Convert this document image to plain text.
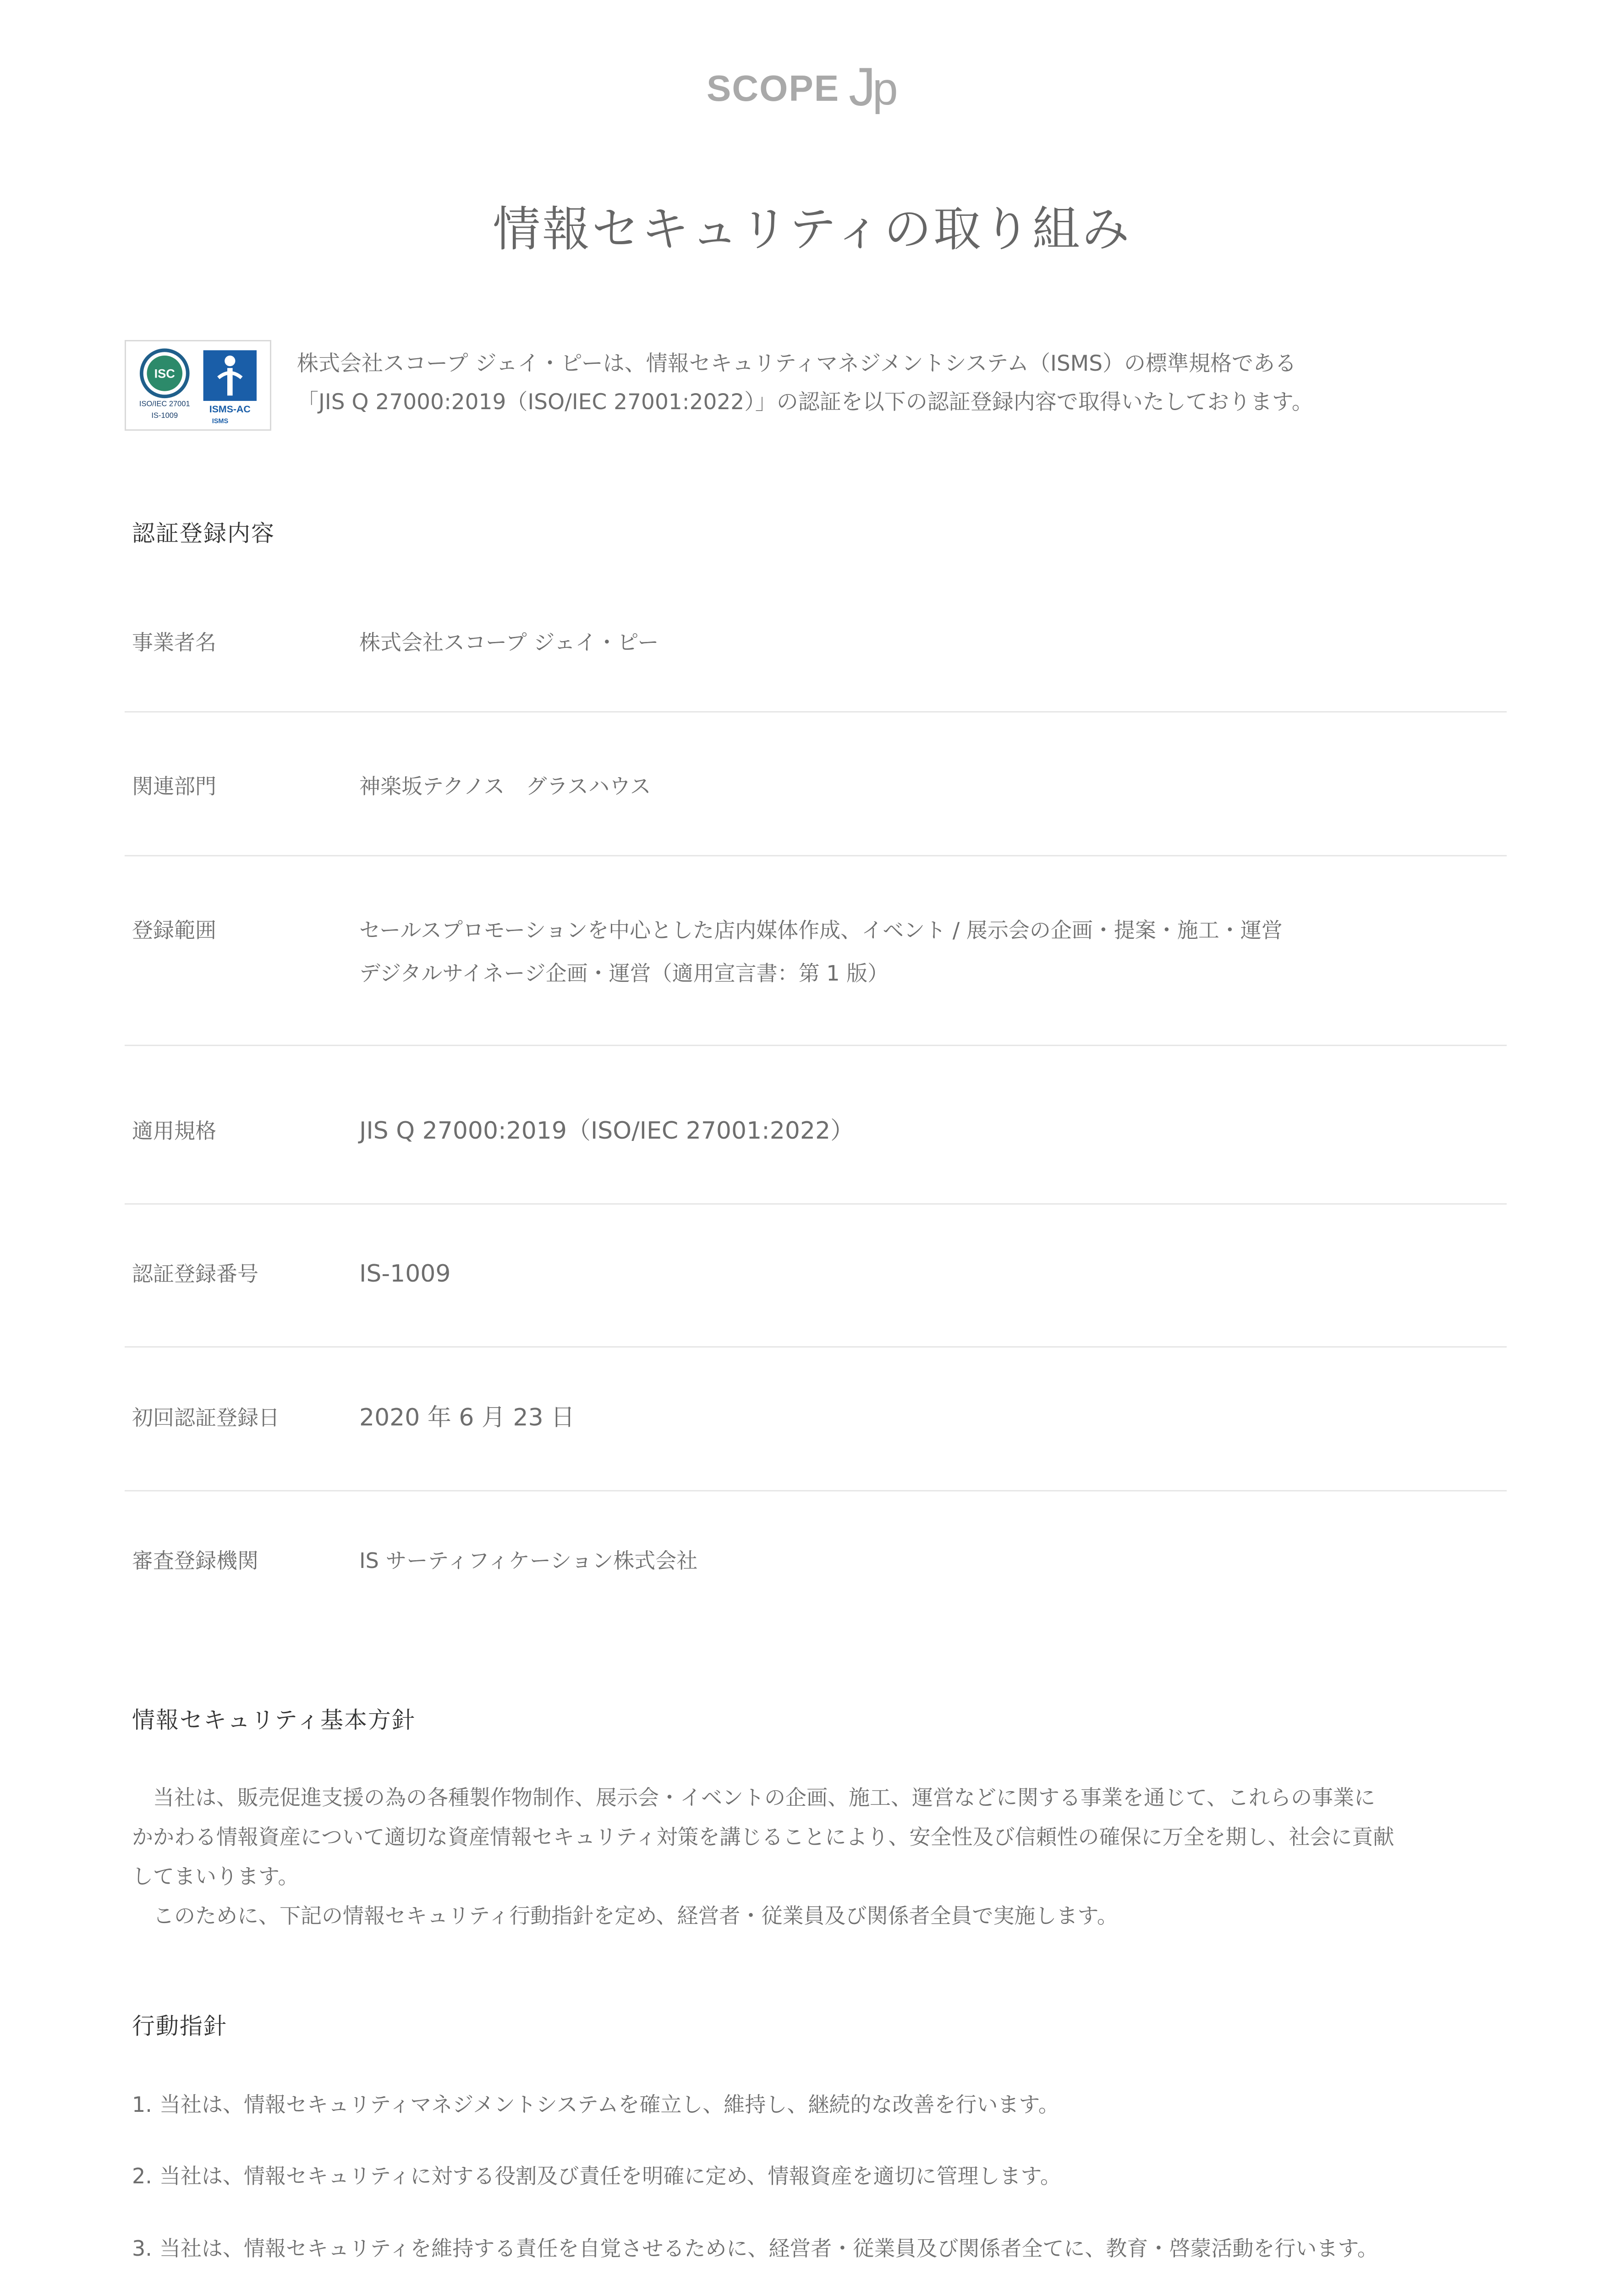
SCOPE J
p
情報セキュリティの取り組み
ISC
ISO/IEC 27001
IS-1009
ISMS-AC
ISMS
株式会社スコープ ジェイ・ピーは、情報セキュリティマネジメントシステム（ISMS）の標準規格である
「JIS Q 27000:2019（ISO/IEC 27001:2022）」の認証を以下の認証登録内容で取得いたしております。
認証登録内容
事業者名	株式会社スコープ ジェイ・ピー
関連部門	神楽坂テクノス　グラスハウス
登録範囲	セールスプロモーションを中心とした店内媒体作成、イベント / 展示会の企画・提案・施工・運営
デジタルサイネージ企画・運営（適用宣言書：第 1 版）
適用規格	JIS Q 27000:2019（ISO/IEC 27001:2022）
認証登録番号	IS-1009
初回認証登録日	2020 年 6 月 23 日
審査登録機関	IS サーティフィケーション株式会社
情報セキュリティ基本方針
　当社は、販売促進支援の為の各種製作物制作、展示会・イベントの企画、施工、運営などに関する事業を通じて、これらの事業に
かかわる情報資産について適切な資産情報セキュリティ対策を講じることにより、安全性及び信頼性の確保に万全を期し、社会に貢献
してまいります。
　このために、下記の情報セキュリティ行動指針を定め、経営者・従業員及び関係者全員で実施します。
行動指針
1. 当社は、情報セキュリティマネジメントシステムを確立し、維持し、継続的な改善を行います。
2. 当社は、情報セキュリティに対する役割及び責任を明確に定め、情報資産を適切に管理します。
3. 当社は、情報セキュリティを維持する責任を自覚させるために、経営者・従業員及び関係者全てに、教育・啓蒙活動を行います。
